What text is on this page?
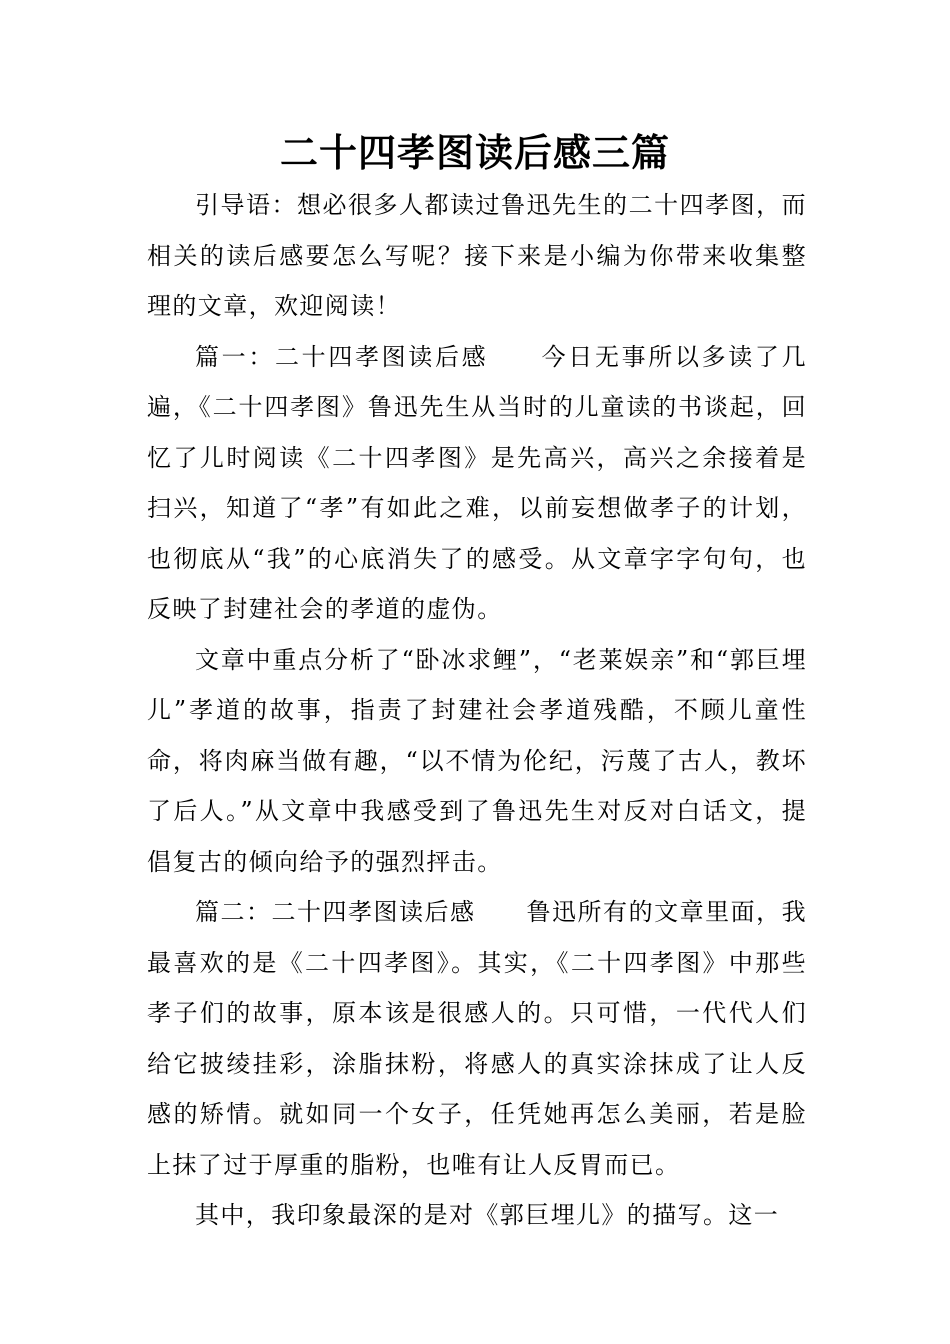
二十四孝图读后感三篇

引导语：想必很多人都读过鲁迅先生的二十四孝图，而相关的读后感要怎么写呢？接下来是小编为你带来收集整理的文章，欢迎阅读！

篇一：二十四孝图读后感　　今日无事所以多读了几遍，《二十四孝图》鲁迅先生从当时的儿童读的书谈起，回忆了儿时阅读《二十四孝图》是先高兴，高兴之余接着是扫兴，知道了“孝”有如此之难，以前妄想做孝子的计划，也彻底从“我”的心底消失了的感受。从文章字字句句，也反映了封建社会的孝道的虚伪。

文章中重点分析了“卧冰求鲤”，“老莱娱亲”和“郭巨埋儿”孝道的故事，指责了封建社会孝道残酷，不顾儿童性命，将肉麻当做有趣，“以不情为伦纪，污蔑了古人，教坏了后人。”从文章中我感受到了鲁迅先生对反对白话文，提倡复古的倾向给予的强烈抨击。

篇二：二十四孝图读后感　　鲁迅所有的文章里面，我最喜欢的是《二十四孝图》。其实，《二十四孝图》中那些孝子们的故事，原本该是很感人的。只可惜，一代代人们给它披绫挂彩，涂脂抹粉，将感人的真实涂抹成了让人反感的矫情。就如同一个女子，任凭她再怎么美丽，若是脸上抹了过于厚重的脂粉，也唯有让人反胃而已。

其中，我印象最深的是对《郭巨埋儿》的描写。这一
